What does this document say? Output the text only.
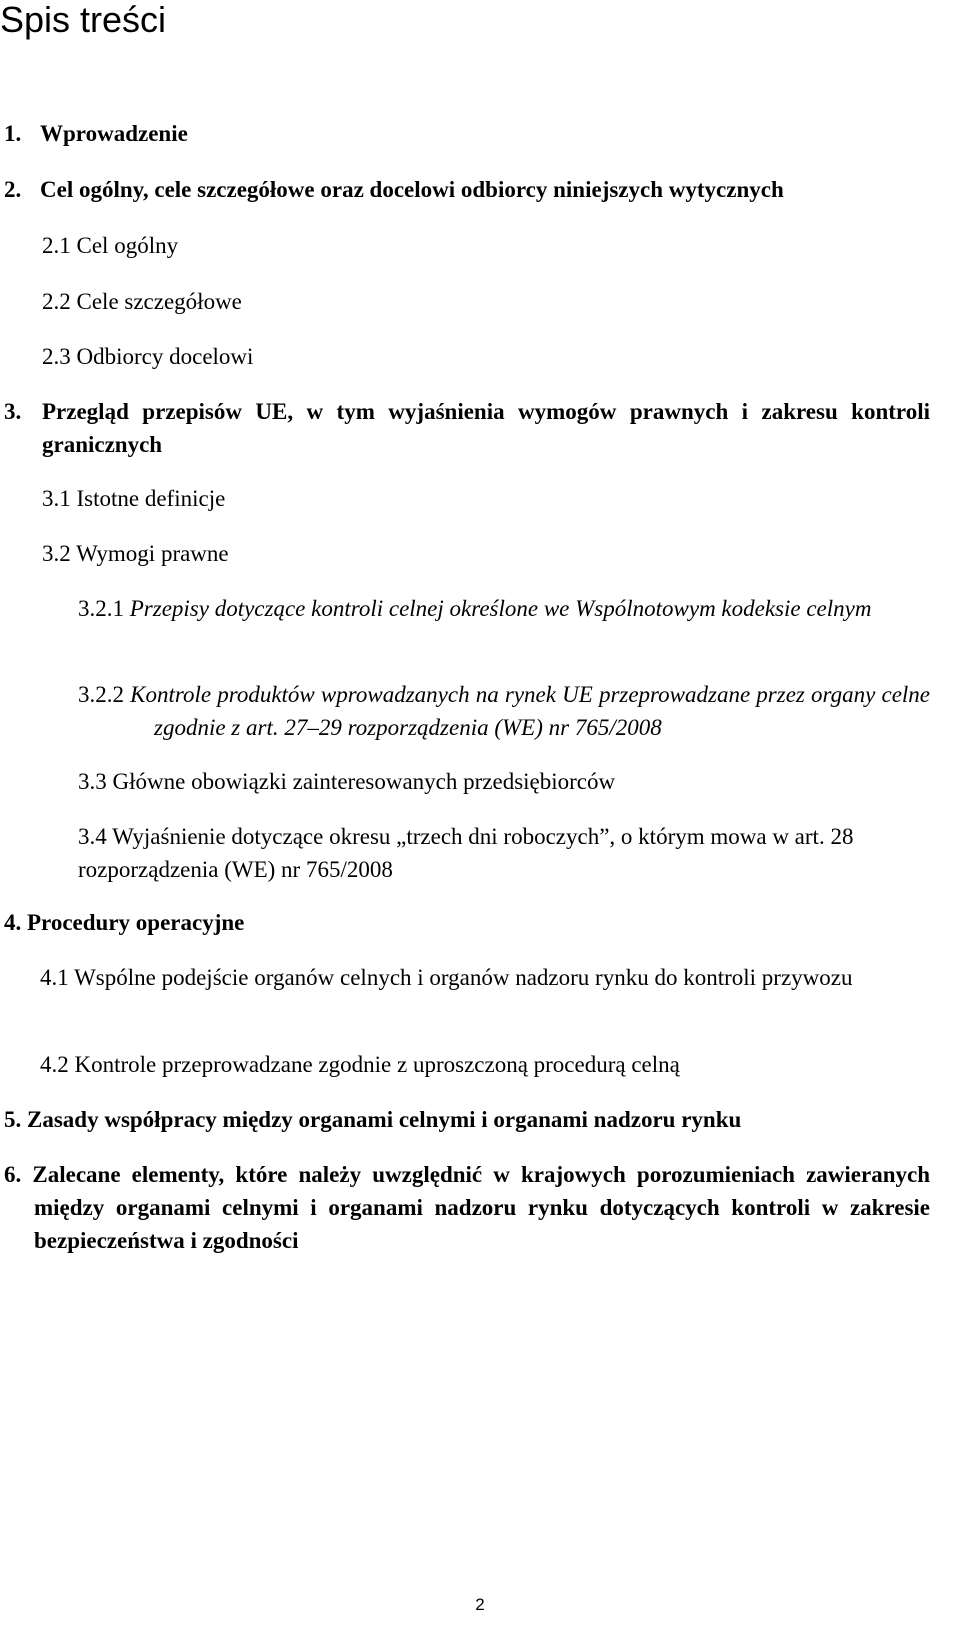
Spis treści

1. Wprowadzenie

2. Cel ogólny, cele szczegółowe oraz docelowi odbiorcy niniejszych wytycznych

2.1 Cel ogólny

2.2 Cele szczegółowe

2.3 Odbiorcy docelowi

3. Przegląd przepisów UE, w tym wyjaśnienia wymogów prawnych i zakresu kontroli granicznych

3.1 Istotne definicje

3.2 Wymogi prawne

3.2.1 Przepisy dotyczące kontroli celnej określone we Wspólnotowym kodeksie celnym

3.2.2 Kontrole produktów wprowadzanych na rynek UE przeprowadzane przez organy celne zgodnie z art. 27–29 rozporządzenia (WE) nr 765/2008

3.3 Główne obowiązki zainteresowanych przedsiębiorców

3.4 Wyjaśnienie dotyczące okresu „trzech dni roboczych”, o którym mowa w art. 28 rozporządzenia (WE) nr 765/2008

4. Procedury operacyjne

4.1 Wspólne podejście organów celnych i organów nadzoru rynku do kontroli przywozu

4.2 Kontrole przeprowadzane zgodnie z uproszczoną procedurą celną

5. Zasady współpracy między organami celnymi i organami nadzoru rynku

6. Zalecane elementy, które należy uwzględnić w krajowych porozumieniach zawieranych między organami celnymi i organami nadzoru rynku dotyczących kontroli w zakresie bezpieczeństwa i zgodności

2
